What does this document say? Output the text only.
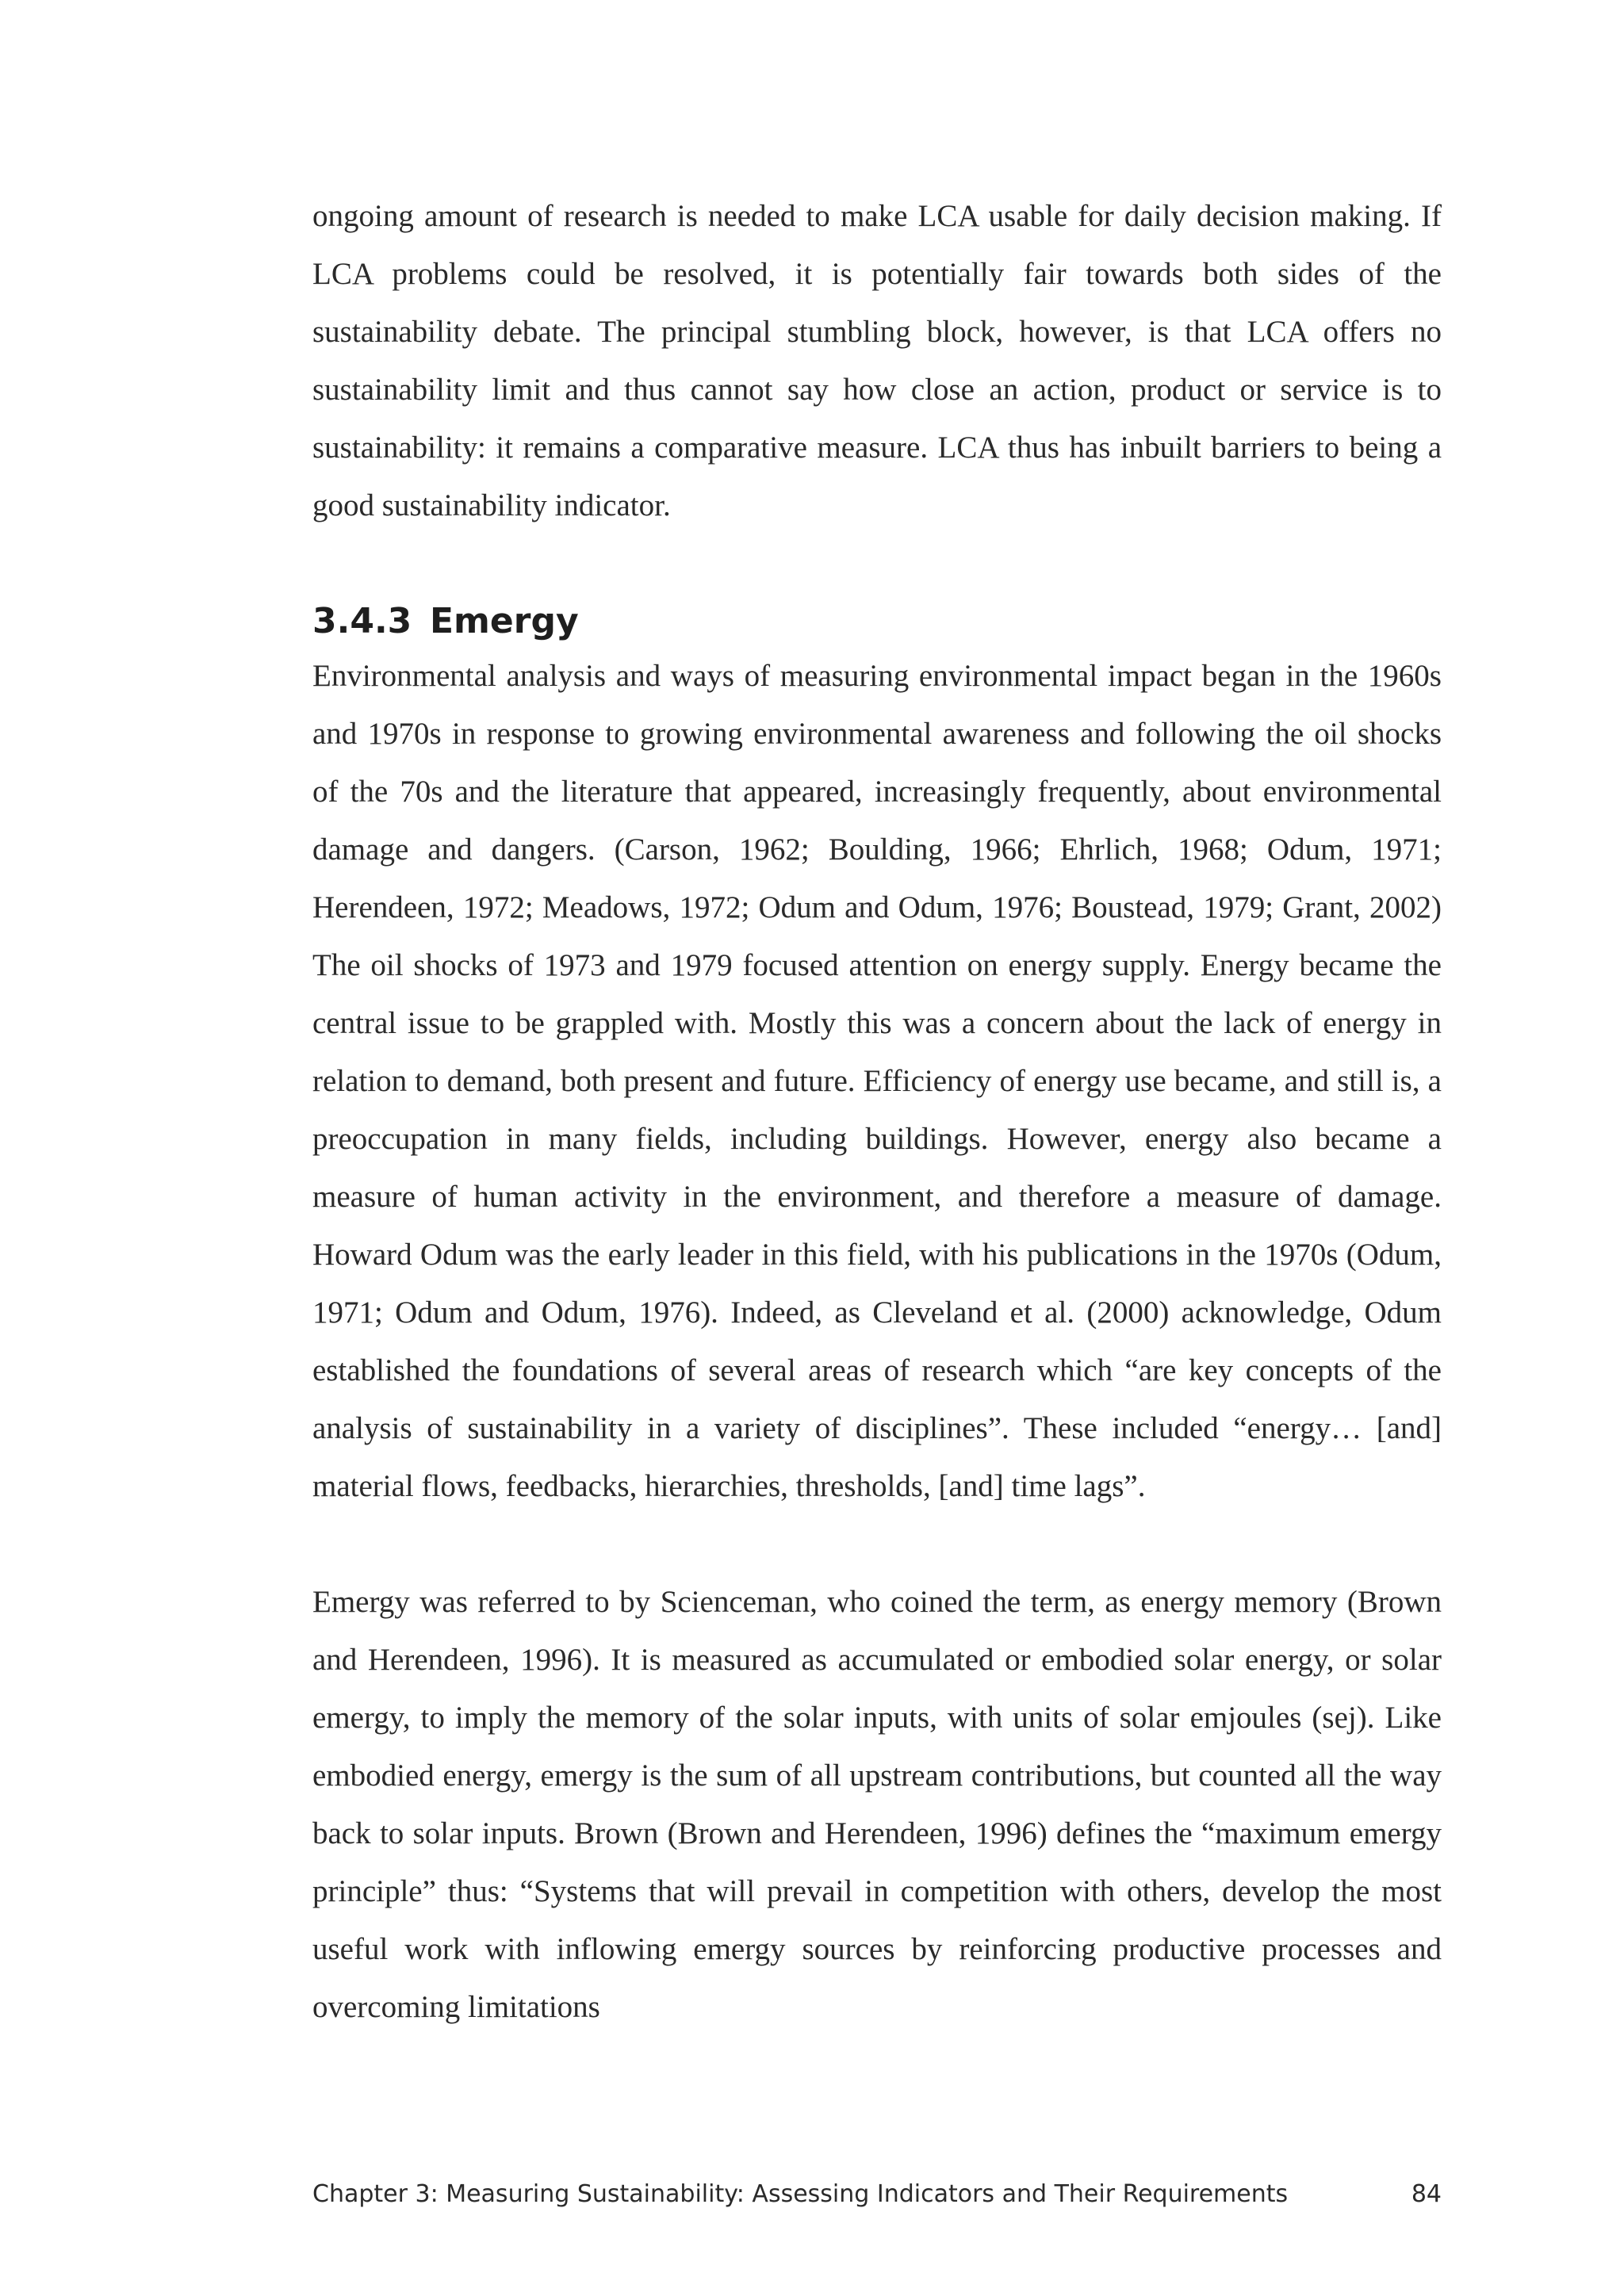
ongoing amount of research is needed to make LCA usable for daily decision making. If LCA problems could be resolved, it is potentially fair towards both sides of the sustainability debate. The principal stumbling block, however, is that LCA offers no sustainability limit and thus cannot say how close an action, product or service is to sustainability: it remains a comparative measure. LCA thus has inbuilt barriers to being a good sustainability indicator.

3.4.3 Emergy

Environmental analysis and ways of measuring environmental impact began in the 1960s and 1970s in response to growing environmental awareness and following the oil shocks of the 70s and the literature that appeared, increasingly frequently, about environmental damage and dangers. (Carson, 1962; Boulding, 1966; Ehrlich, 1968; Odum, 1971; Herendeen, 1972; Meadows, 1972; Odum and Odum, 1976; Boustead, 1979; Grant, 2002) The oil shocks of 1973 and 1979 focused attention on energy supply. Energy became the central issue to be grappled with. Mostly this was a concern about the lack of energy in relation to demand, both present and future. Efficiency of energy use became, and still is, a preoccupation in many fields, including buildings. However, energy also became a measure of human activity in the environment, and therefore a measure of damage. Howard Odum was the early leader in this field, with his publications in the 1970s (Odum, 1971; Odum and Odum, 1976). Indeed, as Cleveland et al. (2000) acknowledge, Odum established the foundations of several areas of research which “are key concepts of the analysis of sustainability in a variety of disciplines”. These included “energy… [and] material flows, feedbacks, hierarchies, thresholds, [and] time lags”.

Emergy was referred to by Scienceman, who coined the term, as energy memory (Brown and Herendeen, 1996). It is measured as accumulated or embodied solar energy, or solar emergy, to imply the memory of the solar inputs, with units of solar emjoules (sej). Like embodied energy, emergy is the sum of all upstream contributions, but counted all the way back to solar inputs. Brown (Brown and Herendeen, 1996) defines the “maximum emergy principle” thus: “Systems that will prevail in competition with others, develop the most useful work with inflowing emergy sources by reinforcing productive processes and overcoming limitations

Chapter 3: Measuring Sustainability: Assessing Indicators and Their Requirements	84
